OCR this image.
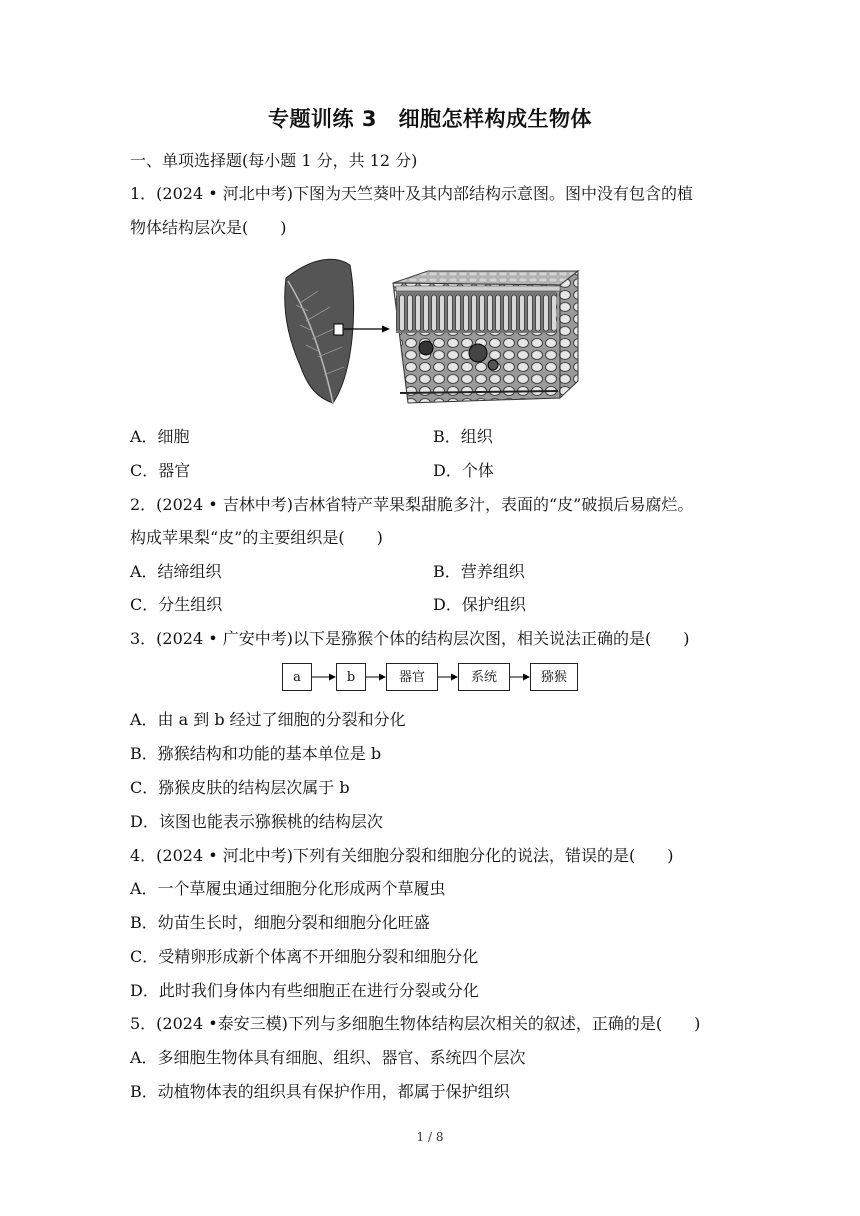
专题训练 3　细胞怎样构成生物体
一、单项选择题(每小题 1 分，共 12 分)
1．(2024 • 河北中考)下图为天竺葵叶及其内部结构示意图。图中没有包含的植
物体结构层次是(　　)
A．细胞	B．组织
C．器官	D．个体
2．(2024 • 吉林中考)吉林省特产苹果梨甜脆多汁，表面的“皮”破损后易腐烂。
构成苹果梨“皮”的主要组织是(　　)
A．结缔组织	B．营养组织
C．分生组织	D．保护组织
3．(2024 • 广安中考)以下是猕猴个体的结构层次图，相关说法正确的是(　　)
a	b	器官	系统	猕猴
A．由 a 到 b 经过了细胞的分裂和分化
B．猕猴结构和功能的基本单位是 b
C．猕猴皮肤的结构层次属于 b
D．该图也能表示猕猴桃的结构层次
4．(2024 • 河北中考)下列有关细胞分裂和细胞分化的说法，错误的是(　　)
A．一个草履虫通过细胞分化形成两个草履虫
B．幼苗生长时，细胞分裂和细胞分化旺盛
C．受精卵形成新个体离不开细胞分裂和细胞分化
D．此时我们身体内有些细胞正在进行分裂或分化
5．(2024 •泰安三模)下列与多细胞生物体结构层次相关的叙述，正确的是(　　)
A．多细胞生物体具有细胞、组织、器官、系统四个层次
B．动植物体表的组织具有保护作用，都属于保护组织
1 / 8
